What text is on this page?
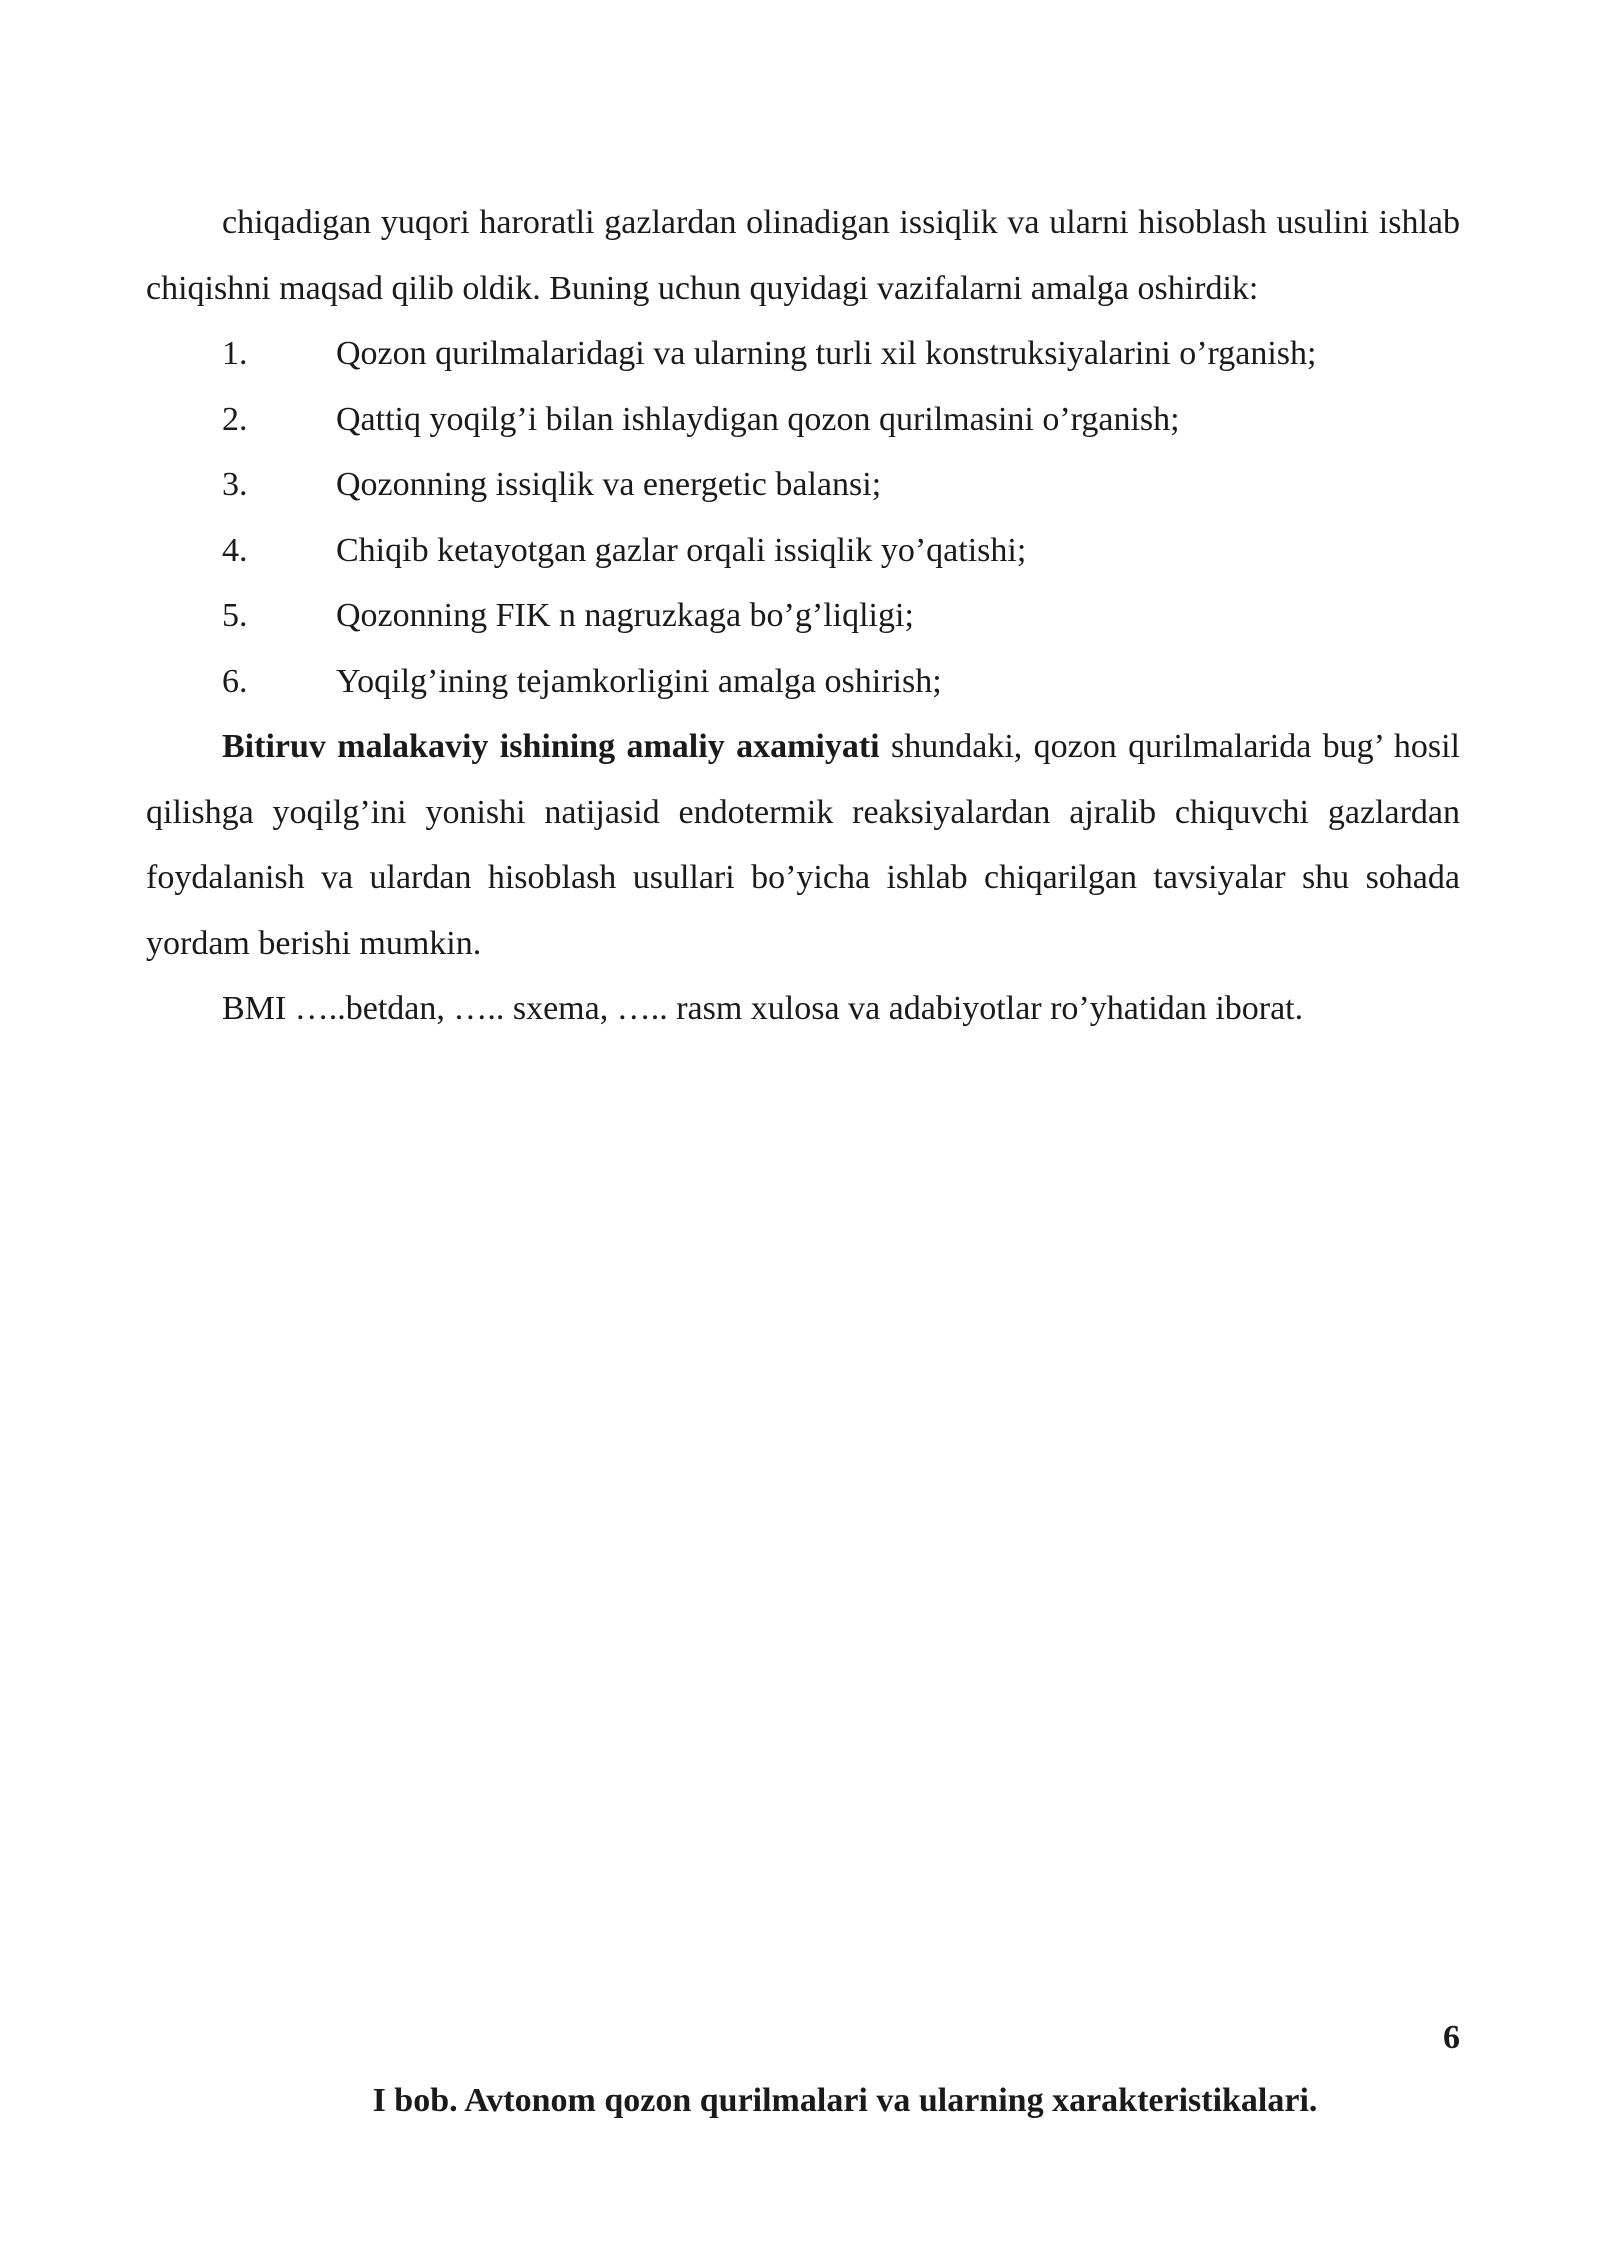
chiqadigan yuqori haroratli gazlardan olinadigan issiqlik va ularni hisoblash usulini ishlab chiqishni maqsad qilib oldik. Buning uchun quyidagi vazifalarni amalga oshirdik:

1.	Qozon qurilmalaridagi va ularning turli xil konstruksiyalarini o’rganish;
2.	Qattiq yoqilg’i bilan ishlaydigan qozon qurilmasini o’rganish;
3.	Qozonning issiqlik va energetic balansi;
4.	Chiqib ketayotgan gazlar orqali issiqlik yo’qatishi;
5.	Qozonning FIK n nagruzkaga bo’g’liqligi;
6.	Yoqilg’ining tejamkorligini amalga oshirish;

Bitiruv malakaviy ishining amaliy axamiyati shundaki, qozon qurilmalarida bug’ hosil qilishga yoqilg’ini yonishi natijasid endotermik reaksiyalardan ajralib chiquvchi gazlardan foydalanish va ulardan hisoblash usullari bo’yicha ishlab chiqarilgan tavsiyalar shu sohada yordam berishi mumkin.

BMI …..betdan, ….. sxema, ….. rasm xulosa va adabiyotlar ro’yhatidan iborat.

6
I bob. Avtonom qozon qurilmalari va ularning xarakteristikalari.
